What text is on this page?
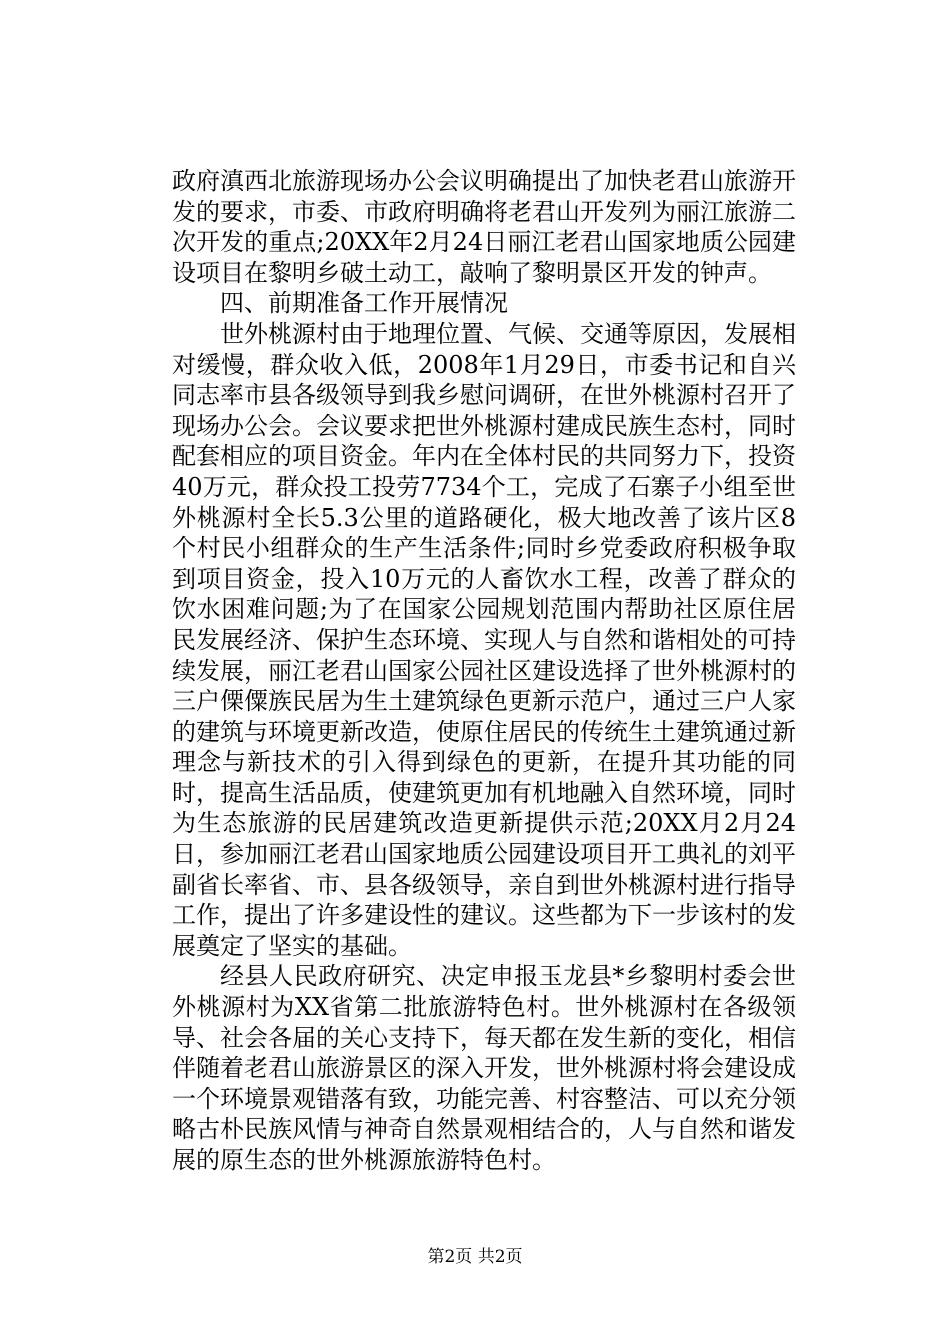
政府滇西北旅游现场办公会议明确提出了加快老君山旅游开发的要求，市委、市政府明确将老君山开发列为丽江旅游二次开发的重点;20XX年2月24日丽江老君山国家地质公园建设项目在黎明乡破土动工，敲响了黎明景区开发的钟声。

四、前期准备工作开展情况

世外桃源村由于地理位置、气候、交通等原因，发展相对缓慢，群众收入低，2008年1月29日，市委书记和自兴同志率市县各级领导到我乡慰问调研，在世外桃源村召开了现场办公会。会议要求把世外桃源村建成民族生态村，同时配套相应的项目资金。年内在全体村民的共同努力下，投资40万元，群众投工投劳7734个工，完成了石寨子小组至世外桃源村全长5.3公里的道路硬化，极大地改善了该片区8个村民小组群众的生产生活条件;同时乡党委政府积极争取到项目资金，投入10万元的人畜饮水工程，改善了群众的饮水困难问题;为了在国家公园规划范围内帮助社区原住居民发展经济、保护生态环境、实现人与自然和谐相处的可持续发展，丽江老君山国家公园社区建设选择了世外桃源村的三户傈僳族民居为生土建筑绿色更新示范户，通过三户人家的建筑与环境更新改造，使原住居民的传统生土建筑通过新理念与新技术的引入得到绿色的更新，在提升其功能的同时，提高生活品质，使建筑更加有机地融入自然环境，同时为生态旅游的民居建筑改造更新提供示范;20XX月2月24日，参加丽江老君山国家地质公园建设项目开工典礼的刘平副省长率省、市、县各级领导，亲自到世外桃源村进行指导工作，提出了许多建设性的建议。这些都为下一步该村的发展奠定了坚实的基础。

经县人民政府研究、决定申报玉龙县*乡黎明村委会世外桃源村为XX省第二批旅游特色村。世外桃源村在各级领导、社会各届的关心支持下，每天都在发生新的变化，相信伴随着老君山旅游景区的深入开发，世外桃源村将会建设成一个环境景观错落有致，功能完善、村容整洁、可以充分领略古朴民族风情与神奇自然景观相结合的，人与自然和谐发展的原生态的世外桃源旅游特色村。

第2页 共2页
